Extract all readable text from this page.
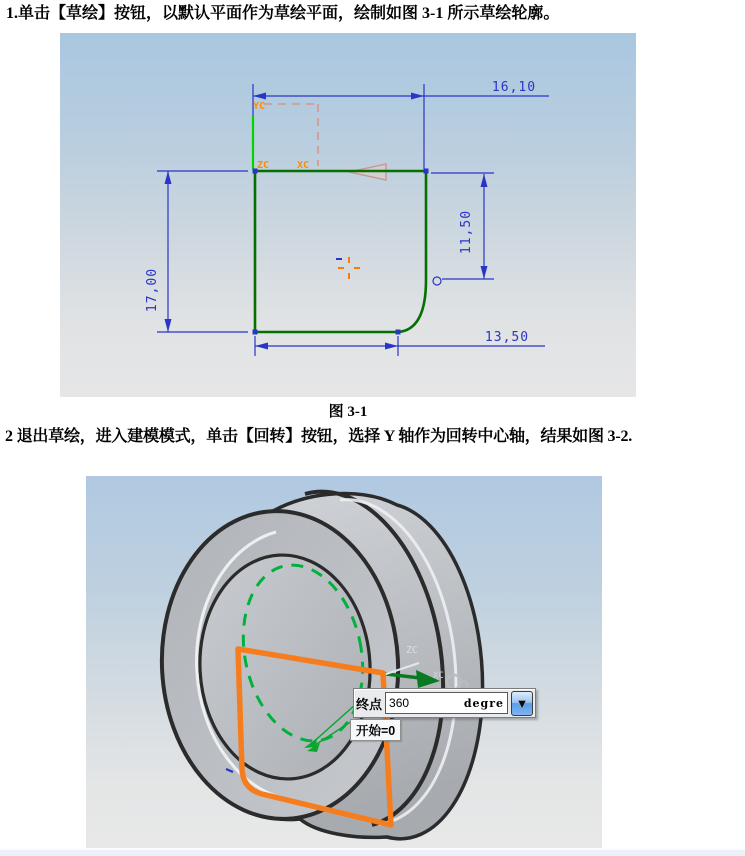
1.单击【草绘】按钮，以默认平面作为草绘平面，绘制如图 3-1 所示草绘轮廓。
16,10
17,00
11,50
13,50
YC
ZC	XC
图 3-1
2 退出草绘，进入建模模式，单击【回转】按钮，选择 Y 轴作为回转中心轴，结果如图 3-2.
ZC
XC
终点 360	degre ▼
开始=0
